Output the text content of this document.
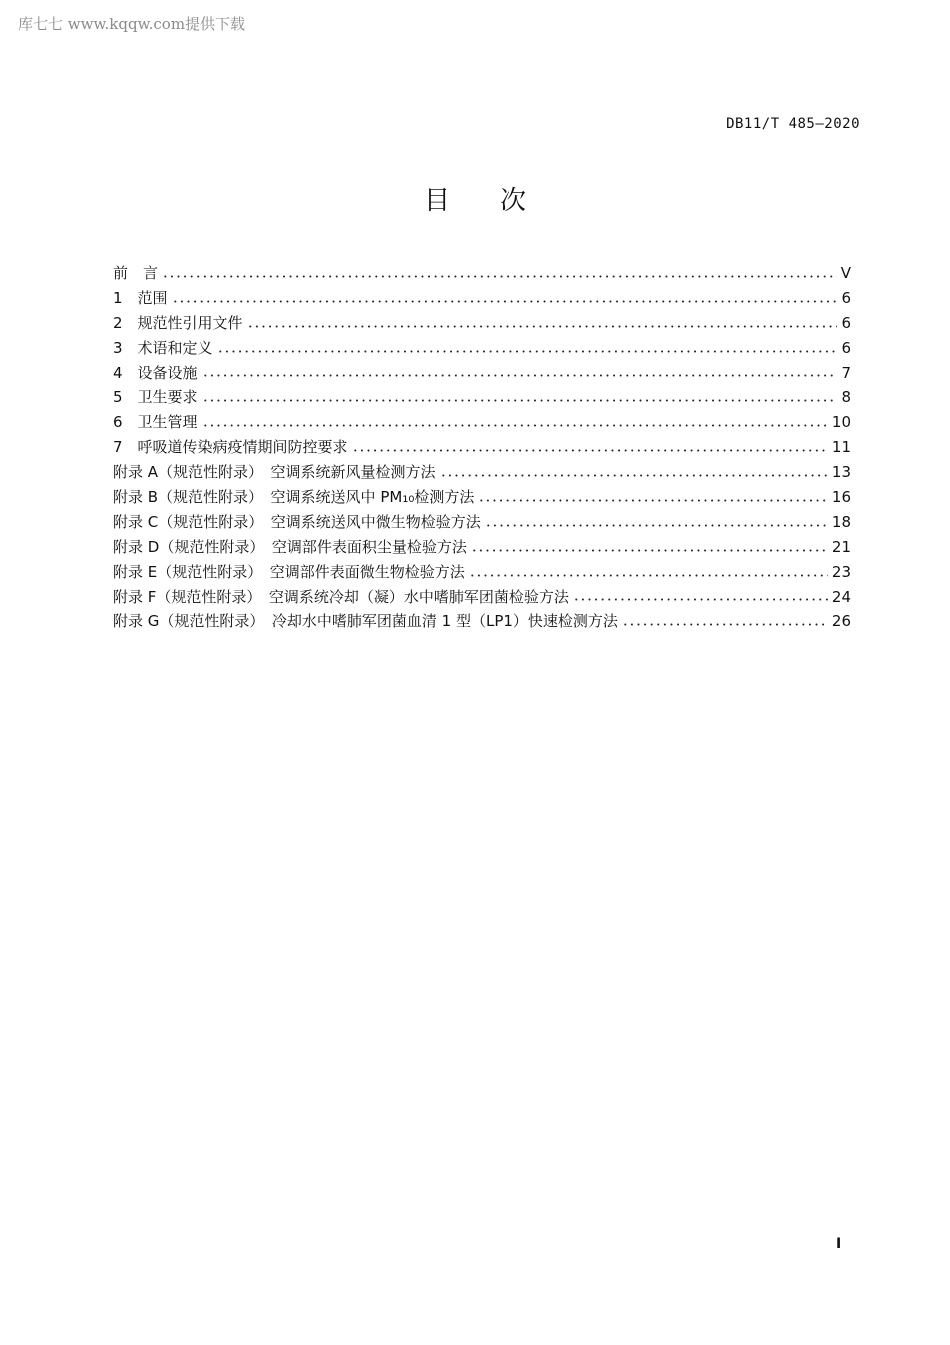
库七七 www.kqqw.com提供下载
DB11/T 485—2020
目次
前　言	V
1　范围	6
2　规范性引用文件	6
3　术语和定义	6
4　设备设施	7
5　卫生要求	8
6　卫生管理	10
7　呼吸道传染病疫情期间防控要求	11
附录 A（规范性附录）　空调系统新风量检测方法	13
附录 B（规范性附录）　空调系统送风中 PM₁₀检测方法	16
附录 C（规范性附录）　空调系统送风中微生物检验方法	18
附录 D（规范性附录）　空调部件表面积尘量检验方法	21
附录 E（规范性附录）　空调部件表面微生物检验方法	23
附录 F（规范性附录）　空调系统冷却（凝）水中嗜肺军团菌检验方法	24
附录 G（规范性附录）　冷却水中嗜肺军团菌血清 1 型（LP1）快速检测方法	26
I
